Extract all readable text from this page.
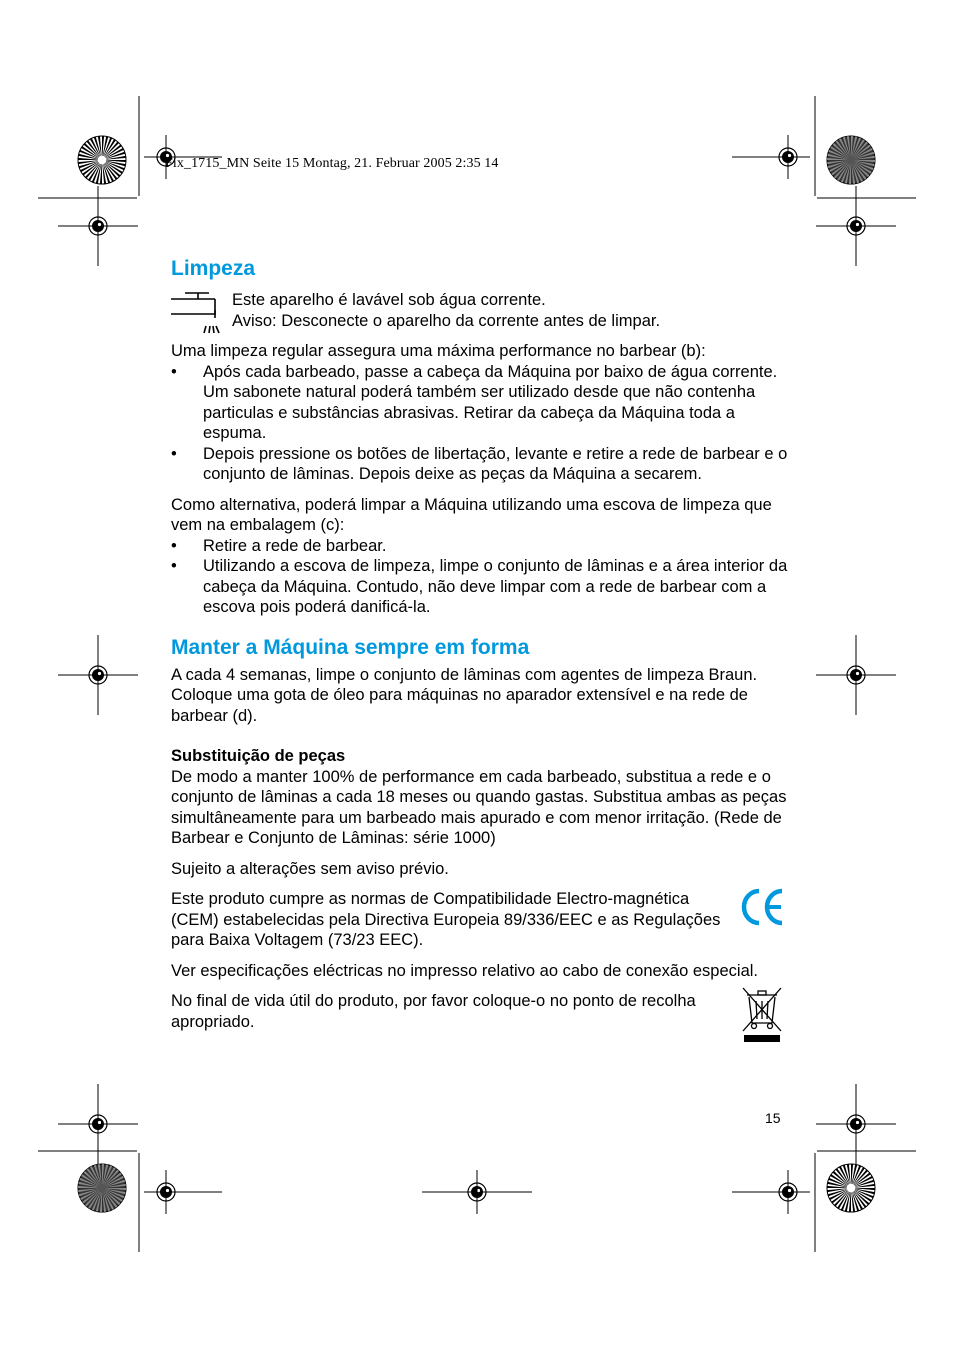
Fix_1715_MN Seite 15 Montag, 21. Februar 2005 2:35 14

Limpeza

Este aparelho é lavável sob água corrente.

Aviso: Desconecte o aparelho da corrente antes de limpar.

Uma limpeza regular assegura uma máxima performance no barbear (b):

• Após cada barbeado, passe a cabeça da Máquina por baixo de água corrente. Um sabonete natural poderá também ser utilizado desde que não contenha particulas e substâncias abrasivas. Retirar da cabeça da Máquina toda a espuma.
• Depois pressione os botões de libertação, levante e retire a rede de barbear e o conjunto de lâminas. Depois deixe as peças da Máquina a secarem.

Como alternativa, poderá limpar a Máquina utilizando uma escova de limpeza que vem na embalagem (c):

• Retire a rede de barbear.
• Utilizando a escova de limpeza, limpe o conjunto de lâminas e a área interior da cabeça da Máquina. Contudo, não deve limpar com a rede de barbear com a escova pois poderá danificá-la.
Manter a Máquina sempre em forma

A cada 4 semanas, limpe o conjunto de lâminas com agentes de limpeza Braun. Coloque uma gota de óleo para máquinas no aparador extensível e na rede de barbear (d).

Substituição de peças

De modo a manter 100% de performance em cada barbeado, substitua a rede e o conjunto de lâminas a cada 18 meses ou quando gastas. Substitua ambas as peças simultâneamente para um barbeado mais apurado e com menor irritação. (Rede de Barbear e Conjunto de Lâminas: série 1000)

Sujeito a alterações sem aviso prévio.

Este produto cumpre as normas de Compatibilidade Electro-magnética (CEM) estabelecidas pela Directiva Europeia 89/336/EEC e as Regulações para Baixa Voltagem (73/23 EEC).

Ver especificações eléctricas no impresso relativo ao cabo de conexão especial.

No final de vida útil do produto, por favor coloque-o no ponto de recolha apropriado.

15
